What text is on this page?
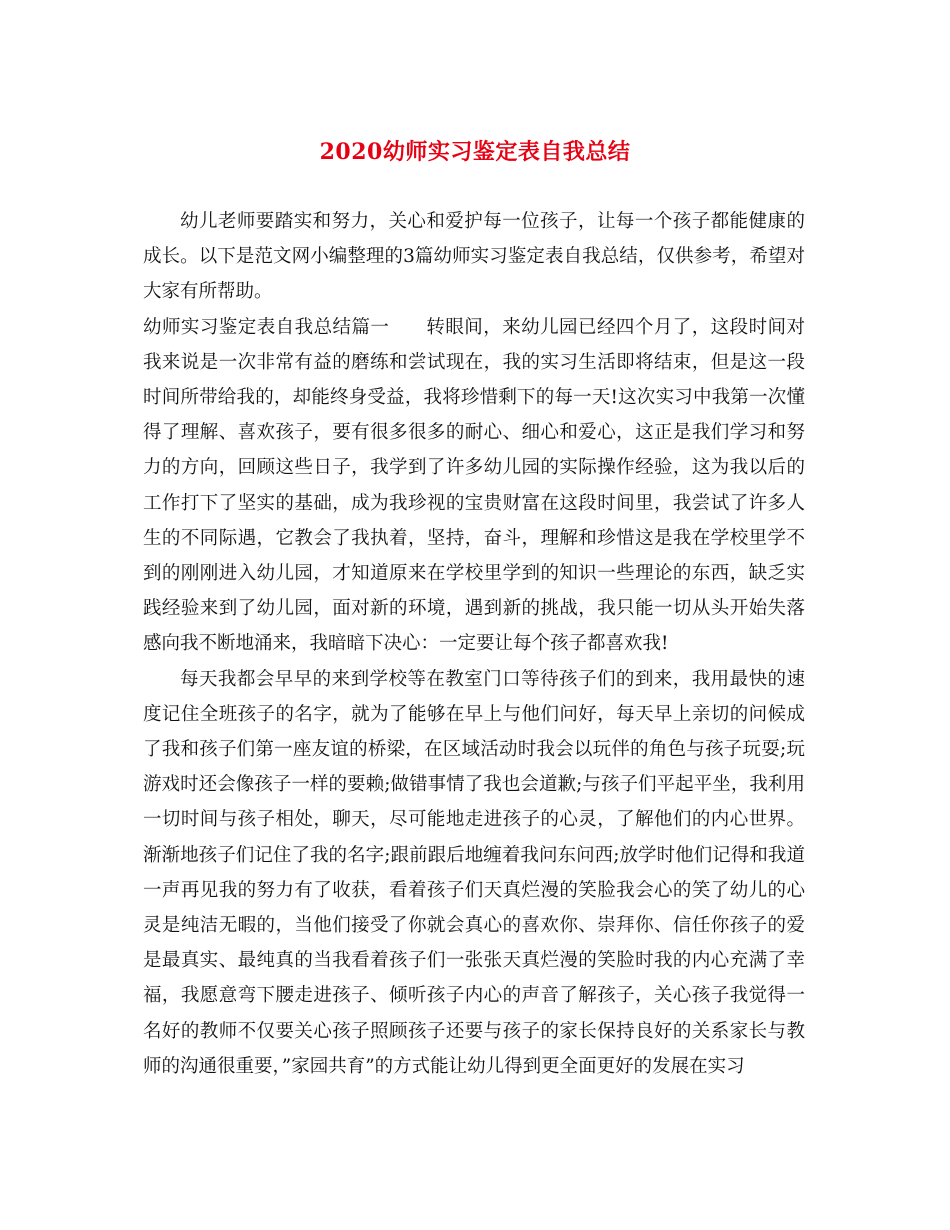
2020幼师实习鉴定表自我总结

幼儿老师要踏实和努力，关心和爱护每一位孩子，让每一个孩子都能健康的成长。以下是范文网小编整理的3篇幼师实习鉴定表自我总结，仅供参考，希望对大家有所帮助。

幼师实习鉴定表自我总结篇一 转眼间，来幼儿园已经四个月了，这段时间对我来说是一次非常有益的磨练和尝试现在，我的实习生活即将结束，但是这一段时间所带给我的，却能终身受益，我将珍惜剩下的每一天!这次实习中我第一次懂得了理解、喜欢孩子，要有很多很多的耐心、细心和爱心，这正是我们学习和努力的方向，回顾这些日子，我学到了许多幼儿园的实际操作经验，这为我以后的工作打下了坚实的基础，成为我珍视的宝贵财富在这段时间里，我尝试了许多人生的不同际遇，它教会了我执着，坚持，奋斗，理解和珍惜这是我在学校里学不到的刚刚进入幼儿园，才知道原来在学校里学到的知识一些理论的东西，缺乏实践经验来到了幼儿园，面对新的环境，遇到新的挑战，我只能一切从头开始失落感向我不断地涌来，我暗暗下决心：一定要让每个孩子都喜欢我!

每天我都会早早的来到学校等在教室门口等待孩子们的到来，我用最快的速度记住全班孩子的名字，就为了能够在早上与他们问好，每天早上亲切的问候成了我和孩子们第一座友谊的桥梁，在区域活动时我会以玩伴的角色与孩子玩耍;玩游戏时还会像孩子一样的要赖;做错事情了我也会道歉;与孩子们平起平坐，我利用一切时间与孩子相处，聊天，尽可能地走进孩子的心灵，了解他们的内心世界。渐渐地孩子们记住了我的名字;跟前跟后地缠着我问东问西;放学时他们记得和我道一声再见我的努力有了收获，看着孩子们天真烂漫的笑脸我会心的笑了幼儿的心灵是纯洁无暇的，当他们接受了你就会真心的喜欢你、崇拜你、信任你孩子的爱是最真实、最纯真的当我看着孩子们一张张天真烂漫的笑脸时我的内心充满了幸福，我愿意弯下腰走进孩子、倾听孩子内心的声音了解孩子，关心孩子我觉得一名好的教师不仅要关心孩子照顾孩子还要与孩子的家长保持良好的关系家长与教师的沟通很重要，”家园共育”的方式能让幼儿得到更全面更好的发展在实习
